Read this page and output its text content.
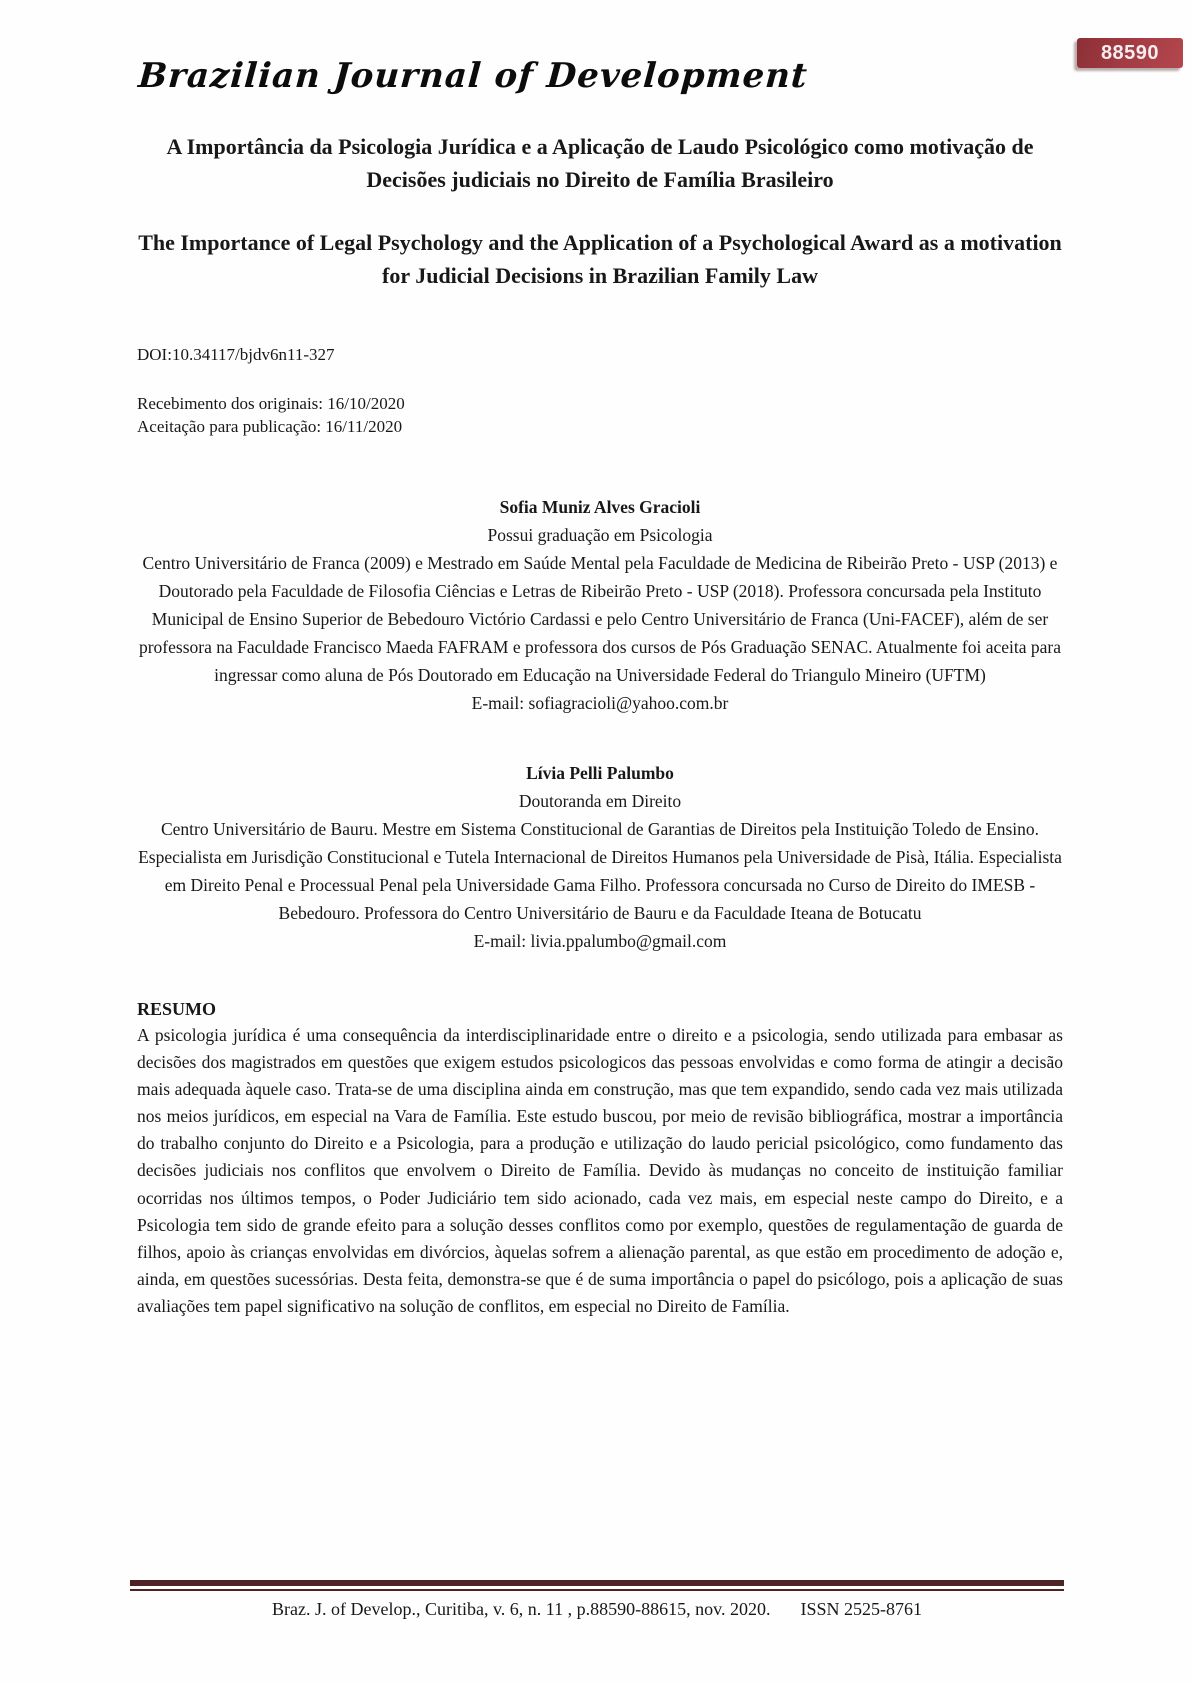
88590
Brazilian Journal of Development
A Importância da Psicologia Jurídica e a Aplicação de Laudo Psicológico como motivação de Decisões judiciais no Direito de Família Brasileiro
The Importance of Legal Psychology and the Application of a Psychological Award as a motivation for Judicial Decisions in Brazilian Family Law
DOI:10.34117/bjdv6n11-327
Recebimento dos originais: 16/10/2020
Aceitação para publicação: 16/11/2020
Sofia Muniz Alves Gracioli
Possui graduação em Psicologia
Centro Universitário de Franca (2009) e Mestrado em Saúde Mental pela Faculdade de Medicina de Ribeirão Preto - USP (2013) e Doutorado pela Faculdade de Filosofia Ciências e Letras de Ribeirão Preto - USP (2018). Professora concursada pela Instituto Municipal de Ensino Superior de Bebedouro Victório Cardassi e pelo Centro Universitário de Franca (Uni-FACEF), além de ser professora na Faculdade Francisco Maeda FAFRAM e professora dos cursos de Pós Graduação SENAC. Atualmente foi aceita para ingressar como aluna de Pós Doutorado em Educação na Universidade Federal do Triangulo Mineiro (UFTM)
E-mail: sofiagracioli@yahoo.com.br
Lívia Pelli Palumbo
Doutoranda em Direito
Centro Universitário de Bauru. Mestre em Sistema Constitucional de Garantias de Direitos pela Instituição Toledo de Ensino. Especialista em Jurisdição Constitucional e Tutela Internacional de Direitos Humanos pela Universidade de Pisà, Itália. Especialista em Direito Penal e Processual Penal pela Universidade Gama Filho. Professora concursada no Curso de Direito do IMESB - Bebedouro. Professora do Centro Universitário de Bauru e da Faculdade Iteana de Botucatu
E-mail: livia.ppalumbo@gmail.com
RESUMO
A psicologia jurídica é uma consequência da interdisciplinaridade entre o direito e a psicologia, sendo utilizada para embasar as decisões dos magistrados em questões que exigem estudos psicologicos das pessoas envolvidas e como forma de atingir a decisão mais adequada àquele caso. Trata-se de uma disciplina ainda em construção, mas que tem expandido, sendo cada vez mais utilizada nos meios jurídicos, em especial na Vara de Família. Este estudo buscou, por meio de revisão bibliográfica, mostrar a importância do trabalho conjunto do Direito e a Psicologia, para a produção e utilização do laudo pericial psicológico, como fundamento das decisões judiciais nos conflitos que envolvem o Direito de Família. Devido às mudanças no conceito de instituição familiar ocorridas nos últimos tempos, o Poder Judiciário tem sido acionado, cada vez mais, em especial neste campo do Direito, e a Psicologia tem sido de grande efeito para a solução desses conflitos como por exemplo, questões de regulamentação de guarda de filhos, apoio às crianças envolvidas em divórcios, àquelas sofrem a alienação parental, as que estão em procedimento de adoção e, ainda, em questões sucessórias. Desta feita, demonstra-se que é de suma importância o papel do psicólogo, pois a aplicação de suas avaliações tem papel significativo na solução de conflitos, em especial no Direito de Família.
Braz. J. of Develop., Curitiba, v. 6, n. 11 , p.88590-88615, nov. 2020. ISSN 2525-8761
